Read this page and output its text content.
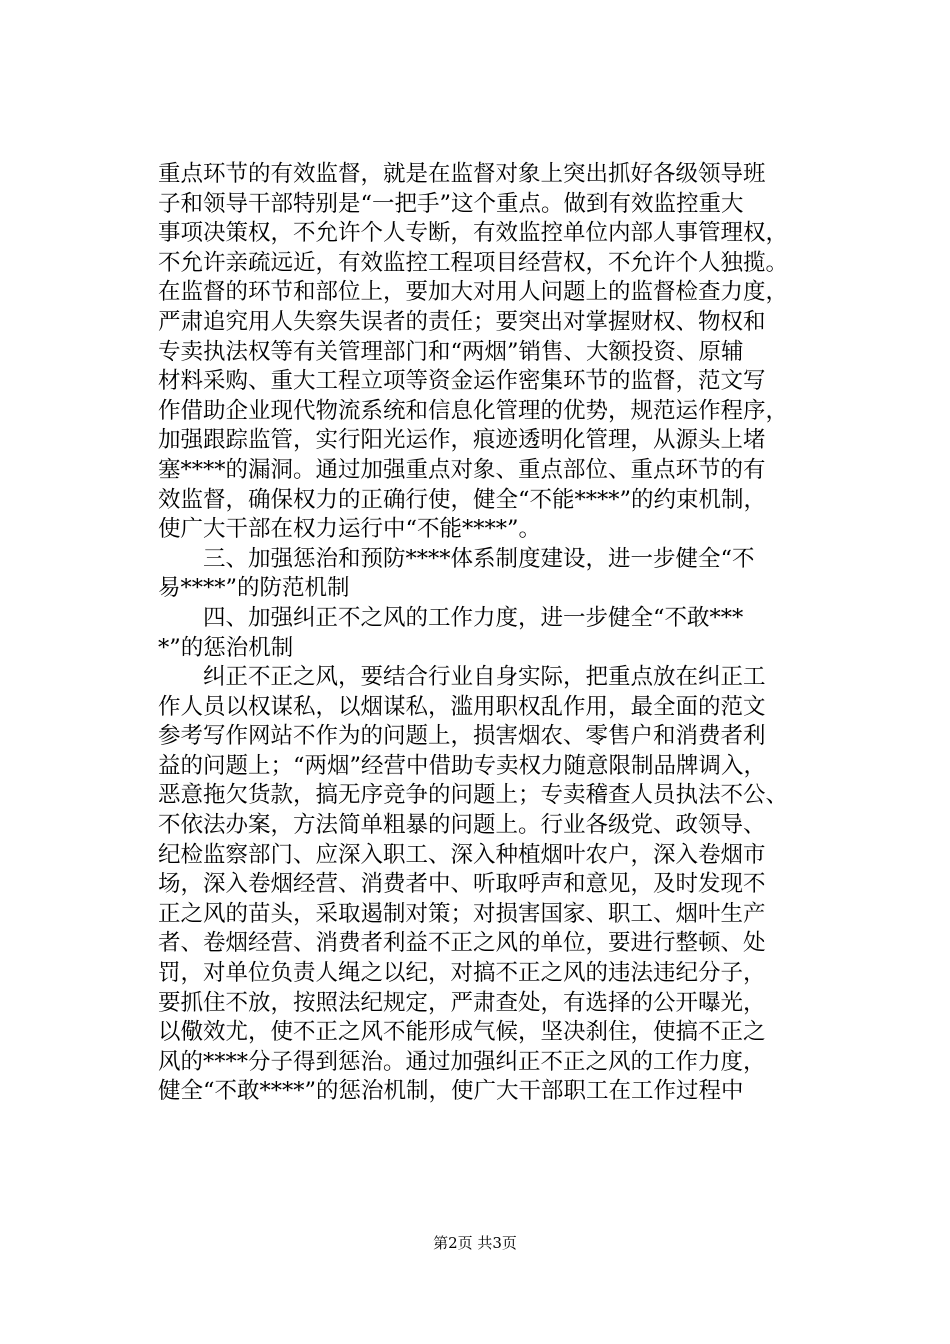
重点环节的有效监督，就是在监督对象上突出抓好各级领导班
子和领导干部特别是“一把手”这个重点。做到有效监控重大
事项决策权，不允许个人专断，有效监控单位内部人事管理权，
不允许亲疏远近，有效监控工程项目经营权，不允许个人独揽。
在监督的环节和部位上，要加大对用人问题上的监督检查力度，
严肃追究用人失察失误者的责任；要突出对掌握财权、物权和
专卖执法权等有关管理部门和“两烟”销售、大额投资、原辅
材料采购、重大工程立项等资金运作密集环节的监督，范文写
作借助企业现代物流系统和信息化管理的优势，规范运作程序，
加强跟踪监管，实行阳光运作，痕迹透明化管理，从源头上堵
塞****的漏洞。通过加强重点对象、重点部位、重点环节的有
效监督，确保权力的正确行使，健全“不能****”的约束机制，
使广大干部在权力运行中“不能****”。
三、加强惩治和预防****体系制度建设，进一步健全“不
易****”的防范机制
四、加强纠正不之风的工作力度，进一步健全“不敢***
*”的惩治机制
纠正不正之风，要结合行业自身实际，把重点放在纠正工
作人员以权谋私，以烟谋私，滥用职权乱作用，最全面的范文
参考写作网站不作为的问题上，损害烟农、零售户和消费者利
益的问题上；“两烟”经营中借助专卖权力随意限制品牌调入，
恶意拖欠货款，搞无序竞争的问题上；专卖稽查人员执法不公、
不依法办案，方法简单粗暴的问题上。行业各级党、政领导、
纪检监察部门、应深入职工、深入种植烟叶农户，深入卷烟市
场，深入卷烟经营、消费者中、听取呼声和意见，及时发现不
正之风的苗头，采取遏制对策；对损害国家、职工、烟叶生产
者、卷烟经营、消费者利益不正之风的单位，要进行整顿、处
罚，对单位负责人绳之以纪，对搞不正之风的违法违纪分子，
要抓住不放，按照法纪规定，严肃查处，有选择的公开曝光，
以儆效尤，使不正之风不能形成气候，坚决刹住，使搞不正之
风的****分子得到惩治。通过加强纠正不正之风的工作力度，
健全“不敢****”的惩治机制，使广大干部职工在工作过程中
第2页 共3页
